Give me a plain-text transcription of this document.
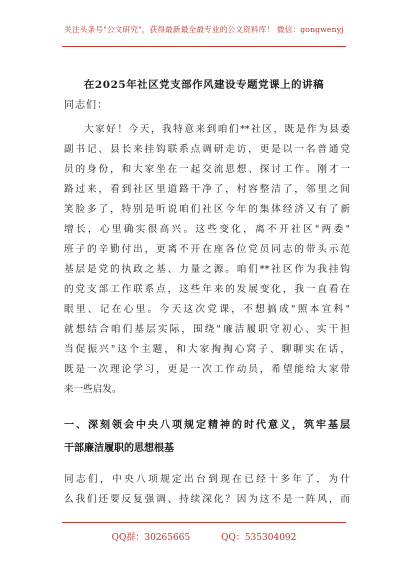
关注头条号"公文研究"，获得最新最全最专业的公文资料库！ 微信：gongwenyj
在2025年社区党支部作风建设专题党课上的讲稿
同志们：
大家好！今天，我特意来到咱们**社区，既是作为县委
副书记、县长来挂钩联系点调研走访，更是以一名普通党
员的身份，和大家坐在一起交流思想、探讨工作。刚才一
路过来，看到社区里道路干净了，村容整洁了，邻里之间
笑脸多了，特别是听说咱们社区今年的集体经济又有了新
增长，心里确实很高兴。这些变化，离不开社区"两委"
班子的辛勤付出，更离不开在座各位党员同志的带头示范
基层是党的执政之基、力量之源。咱们**社区作为我挂钩
的党支部工作联系点，这些年来的发展变化，我一直看在
眼里、记在心里。今天这次党课，不想搞成"照本宣科"
就想结合咱们基层实际，围绕"廉洁履职守初心、实干担
当促振兴"这个主题，和大家掏掏心窝子、聊聊实在话，
既是一次理论学习，更是一次工作动员，希望能给大家带
来一些启发。
一、深刻领会中央八项规定精神的时代意义，筑牢基层
干部廉洁履职的思想根基
同志们，中央八项规定出台到现在已经十多年了，为什
么我们还要反复强调、持续深化？因为这不是一阵风，而
QQ群：30265665	QQ：535304092
